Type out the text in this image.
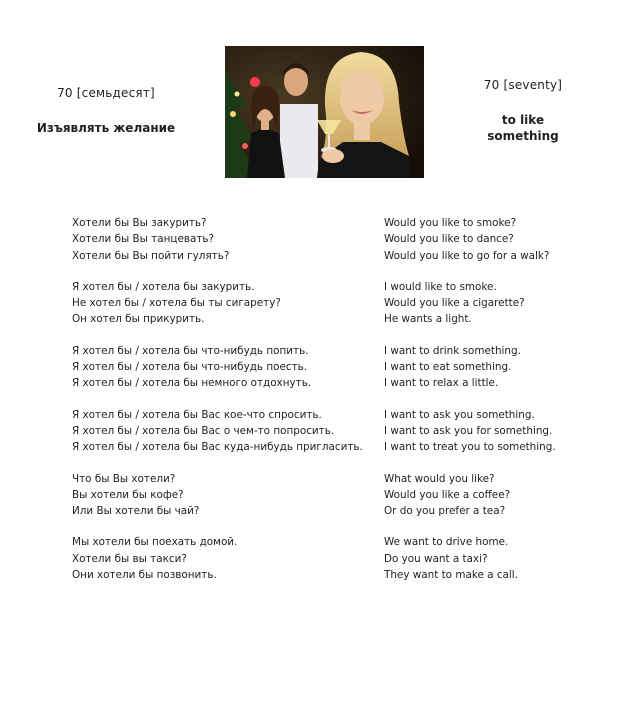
70 [семьдесят]
Изъявлять желание
70 [seventy]
to like
something
Хотели бы Вы закурить?	Would you like to smoke?
Хотели бы Вы танцевать?	Would you like to dance?
Хотели бы Вы пойти гулять?	Would you like to go for a walk?
Я хотел бы / хотела бы закурить.	I would like to smoke.
Не хотел бы / хотела бы ты сигарету?	Would you like a cigarette?
Он хотел бы прикурить.	He wants a light.
Я хотел бы / хотела бы что-нибудь попить.	I want to drink something.
Я хотел бы / хотела бы что-нибудь поесть.	I want to eat something.
Я хотел бы / хотела бы немного отдохнуть.	I want to relax a little.
Я хотел бы / хотела бы Вас кое-что спросить.	I want to ask you something.
Я хотел бы / хотела бы Вас о чем-то попросить.	I want to ask you for something.
Я хотел бы / хотела бы Вас куда-нибудь пригласить. I want to treat you to something.
Что бы Вы хотели?	What would you like?
Вы хотели бы кофе?	Would you like a coffee?
Или Вы хотели бы чай?	Or do you prefer a tea?
Мы хотели бы поехать домой.	We want to drive home.
Хотели бы вы такси?	Do you want a taxi?
Они хотели бы позвонить.	They want to make a call.
